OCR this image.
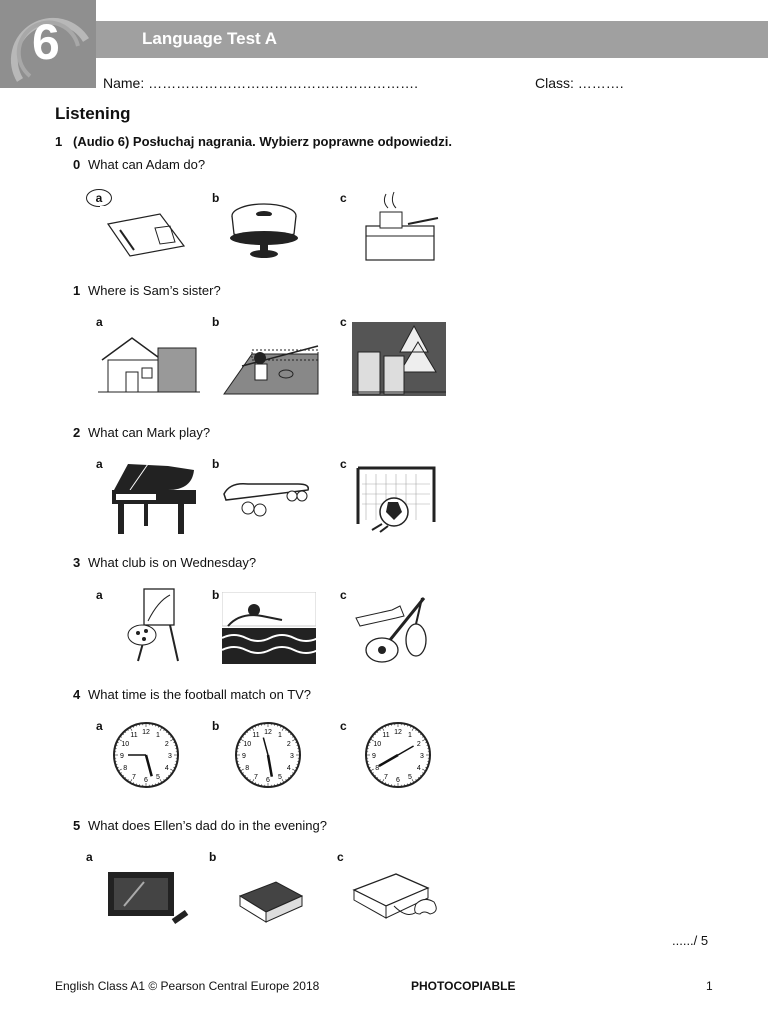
6	Language Test A
Name: ………………………………………………….	Class: ……….
Listening
1 (Audio 6) Posłuchaj nagrania. Wybierz poprawne odpowiedzi.
0 What can Adam do?
a	b	c
1 Where is Sam’s sister?
a	b	c
2 What can Mark play?
a	b	c
3 What club is on Wednesday?
a	b	c
4 What time is the football match on TV?
a	b	c
1
2
3
4
5
6
7
8
9
10
11 12	1
2
3
4
5
6
7
8
9
10
11 12	1
2
3
4
5
6
7
8
9
10
11 12
5 What does Ellen’s dad do in the evening?
a	b	c
....../ 5
English Class A1 © Pearson Central Europe 2018	PHOTOCOPIABLE	1
